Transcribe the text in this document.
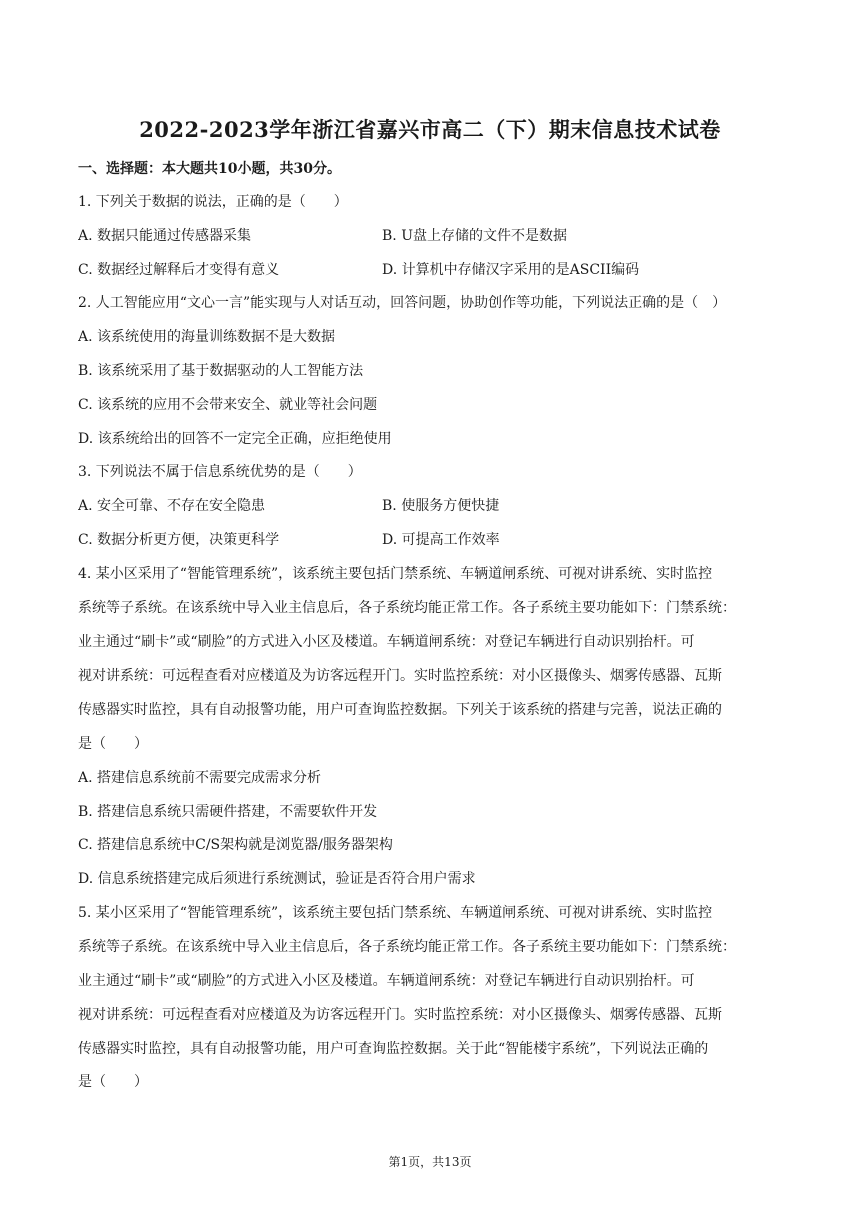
2022-2023学年浙江省嘉兴市高二（下）期末信息技术试卷
一、选择题：本大题共10小题，共30分。
1. 下列关于数据的说法，正确的是（　　）
A. 数据只能通过传感器采集	B. U盘上存储的文件不是数据
C. 数据经过解释后才变得有意义	D. 计算机中存储汉字采用的是ASCII编码
2. 人工智能应用“文心一言”能实现与人对话互动，回答问题，协助创作等功能，下列说法正确的是（　）
A. 该系统使用的海量训练数据不是大数据
B. 该系统采用了基于数据驱动的人工智能方法
C. 该系统的应用不会带来安全、就业等社会问题
D. 该系统给出的回答不一定完全正确，应拒绝使用
3. 下列说法不属于信息系统优势的是（　　）
A. 安全可靠、不存在安全隐患	B. 使服务方便快捷
C. 数据分析更方便，决策更科学	D. 可提高工作效率
4. 某小区采用了“智能管理系统”，该系统主要包括门禁系统、车辆道闸系统、可视对讲系统、实时监控
系统等子系统。在该系统中导入业主信息后，各子系统均能正常工作。各子系统主要功能如下：门禁系统：
业主通过“刷卡”或“刷脸”的方式进入小区及楼道。车辆道闸系统：对登记车辆进行自动识别抬杆。可
视对讲系统：可远程查看对应楼道及为访客远程开门。实时监控系统：对小区摄像头、烟雾传感器、瓦斯
传感器实时监控，具有自动报警功能，用户可查询监控数据。下列关于该系统的搭建与完善，说法正确的
是（　　）
A. 搭建信息系统前不需要完成需求分析
B. 搭建信息系统只需硬件搭建，不需要软件开发
C. 搭建信息系统中C/S架构就是浏览器/服务器架构
D. 信息系统搭建完成后须进行系统测试，验证是否符合用户需求
5. 某小区采用了“智能管理系统”，该系统主要包括门禁系统、车辆道闸系统、可视对讲系统、实时监控
系统等子系统。在该系统中导入业主信息后，各子系统均能正常工作。各子系统主要功能如下：门禁系统：
业主通过“刷卡”或“刷脸”的方式进入小区及楼道。车辆道闸系统：对登记车辆进行自动识别抬杆。可
视对讲系统：可远程查看对应楼道及为访客远程开门。实时监控系统：对小区摄像头、烟雾传感器、瓦斯
传感器实时监控，具有自动报警功能，用户可查询监控数据。关于此“智能楼宇系统”，下列说法正确的
是（　　）
第1页，共13页
